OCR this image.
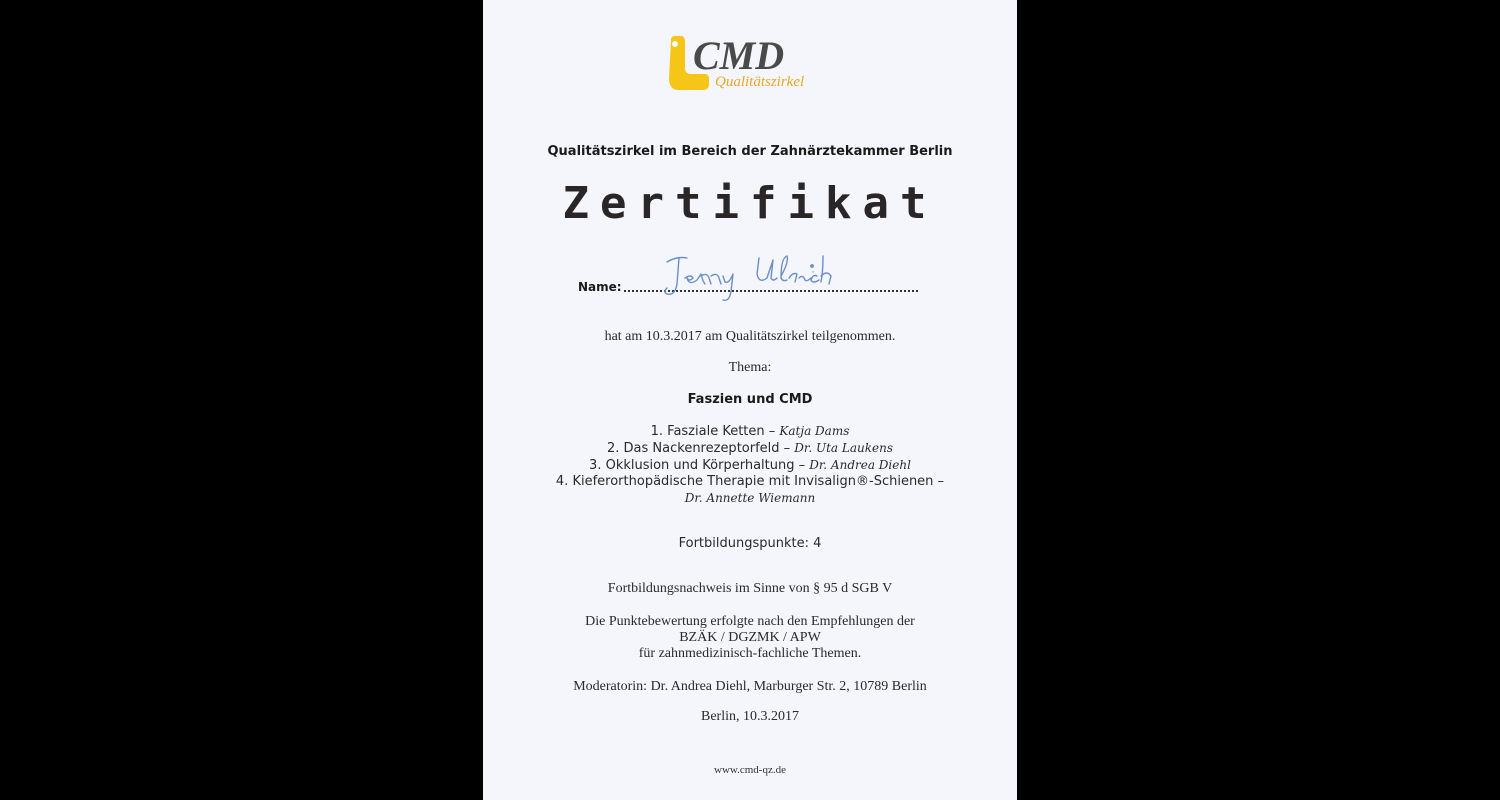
CMD
Qualitätszirkel
Qualitätszirkel im Bereich der Zahnärztekammer Berlin
Zertifikat
Name:
hat am 10.3.2017 am Qualitätszirkel teilgenommen.
Thema:
Faszien und CMD
1. Fasziale Ketten – Katja Dams
2. Das Nackenrezeptorfeld – Dr. Uta Laukens
3. Okklusion und Körperhaltung – Dr. Andrea Diehl
4. Kieferorthopädische Therapie mit Invisalign®-Schienen –
Dr. Annette Wiemann
Fortbildungspunkte: 4
Fortbildungsnachweis im Sinne von § 95 d SGB V
Die Punktebewertung erfolgte nach den Empfehlungen der
BZÄK / DGZMK / APW
für zahnmedizinisch-fachliche Themen.
Moderatorin: Dr. Andrea Diehl, Marburger Str. 2, 10789 Berlin
Berlin, 10.3.2017
www.cmd-qz.de
